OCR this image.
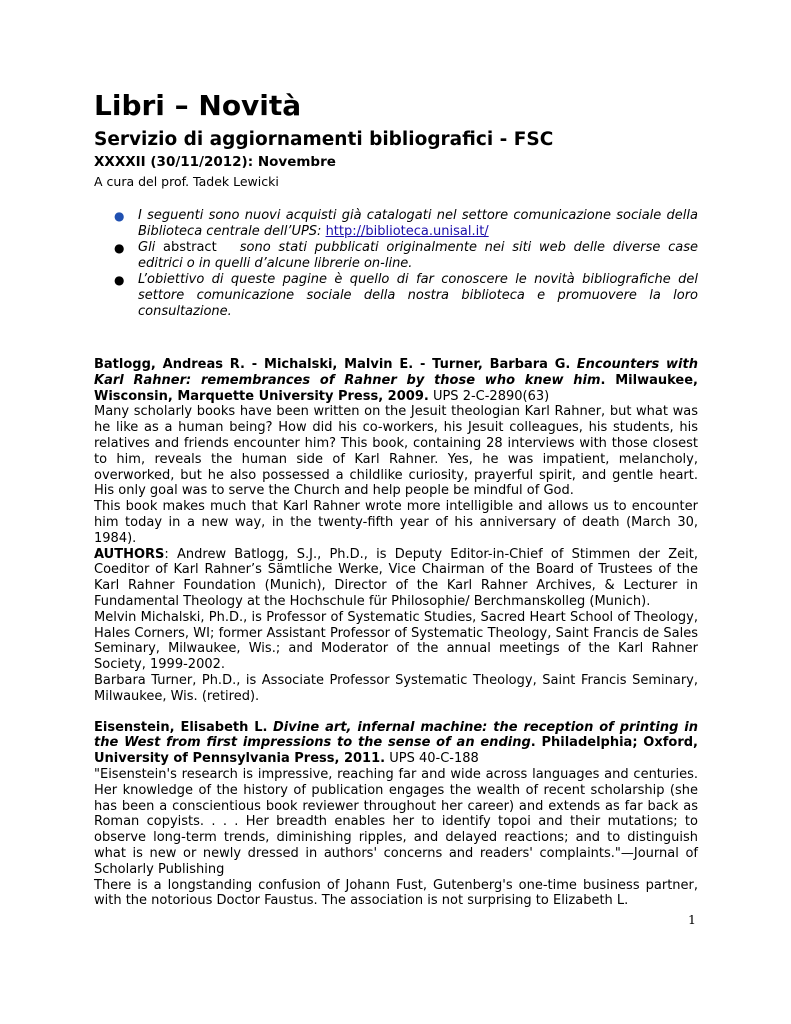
Libri – Novità
Servizio di aggiornamenti bibliografici - FSC
XXXXII (30/11/2012): Novembre

A cura del prof. Tadek Lewicki

● I seguenti sono nuovi acquisti già catalogati nel settore comunicazione sociale della Biblioteca centrale dell’UPS: http://biblioteca.unisal.it/
● Gli abstract sono stati pubblicati originalmente nei siti web delle diverse case editrici o in quelli d’alcune librerie on-line.
● L’obiettivo di queste pagine è quello di far conoscere le novità bibliografiche del settore comunicazione sociale della nostra biblioteca e promuovere la loro consultazione.

Batlogg, Andreas R. - Michalski, Malvin E. - Turner, Barbara G. Encounters with Karl Rahner: remembrances of Rahner by those who knew him. Milwaukee, Wisconsin, Marquette University Press, 2009. UPS 2-C-2890(63)

Many scholarly books have been written on the Jesuit theologian Karl Rahner, but what was he like as a human being? How did his co-workers, his Jesuit colleagues, his students, his relatives and friends encounter him? This book, containing 28 interviews with those closest to him, reveals the human side of Karl Rahner. Yes, he was impatient, melancholy, overworked, but he also possessed a childlike curiosity, prayerful spirit, and gentle heart. His only goal was to serve the Church and help people be mindful of God.

This book makes much that Karl Rahner wrote more intelligible and allows us to encounter him today in a new way, in the twenty-fifth year of his anniversary of death (March 30, 1984).

AUTHORS: Andrew Batlogg, S.J., Ph.D., is Deputy Editor-in-Chief of Stimmen der Zeit, Coeditor of Karl Rahner’s Sämtliche Werke, Vice Chairman of the Board of Trustees of the Karl Rahner Foundation (Munich), Director of the Karl Rahner Archives, & Lecturer in Fundamental Theology at the Hochschule für Philosophie/ Berchmanskolleg (Munich).

Melvin Michalski, Ph.D., is Professor of Systematic Studies, Sacred Heart School of Theology, Hales Corners, WI; former Assistant Professor of Systematic Theology, Saint Francis de Sales Seminary, Milwaukee, Wis.; and Moderator of the annual meetings of the Karl Rahner Society, 1999-2002.

Barbara Turner, Ph.D., is Associate Professor Systematic Theology, Saint Francis Seminary, Milwaukee, Wis. (retired).

Eisenstein, Elisabeth L. Divine art, infernal machine: the reception of printing in the West from first impressions to the sense of an ending. Philadelphia; Oxford, University of Pennsylvania Press, 2011. UPS 40-C-188

"Eisenstein's research is impressive, reaching far and wide across languages and centuries. Her knowledge of the history of publication engages the wealth of recent scholarship (she has been a conscientious book reviewer throughout her career) and extends as far back as Roman copyists. . . . Her breadth enables her to identify topoi and their mutations; to observe long-term trends, diminishing ripples, and delayed reactions; and to distinguish what is new or newly dressed in authors' concerns and readers' complaints."—Journal of Scholarly Publishing

There is a longstanding confusion of Johann Fust, Gutenberg's one-time business partner, with the notorious Doctor Faustus. The association is not surprising to Elizabeth L.

1
